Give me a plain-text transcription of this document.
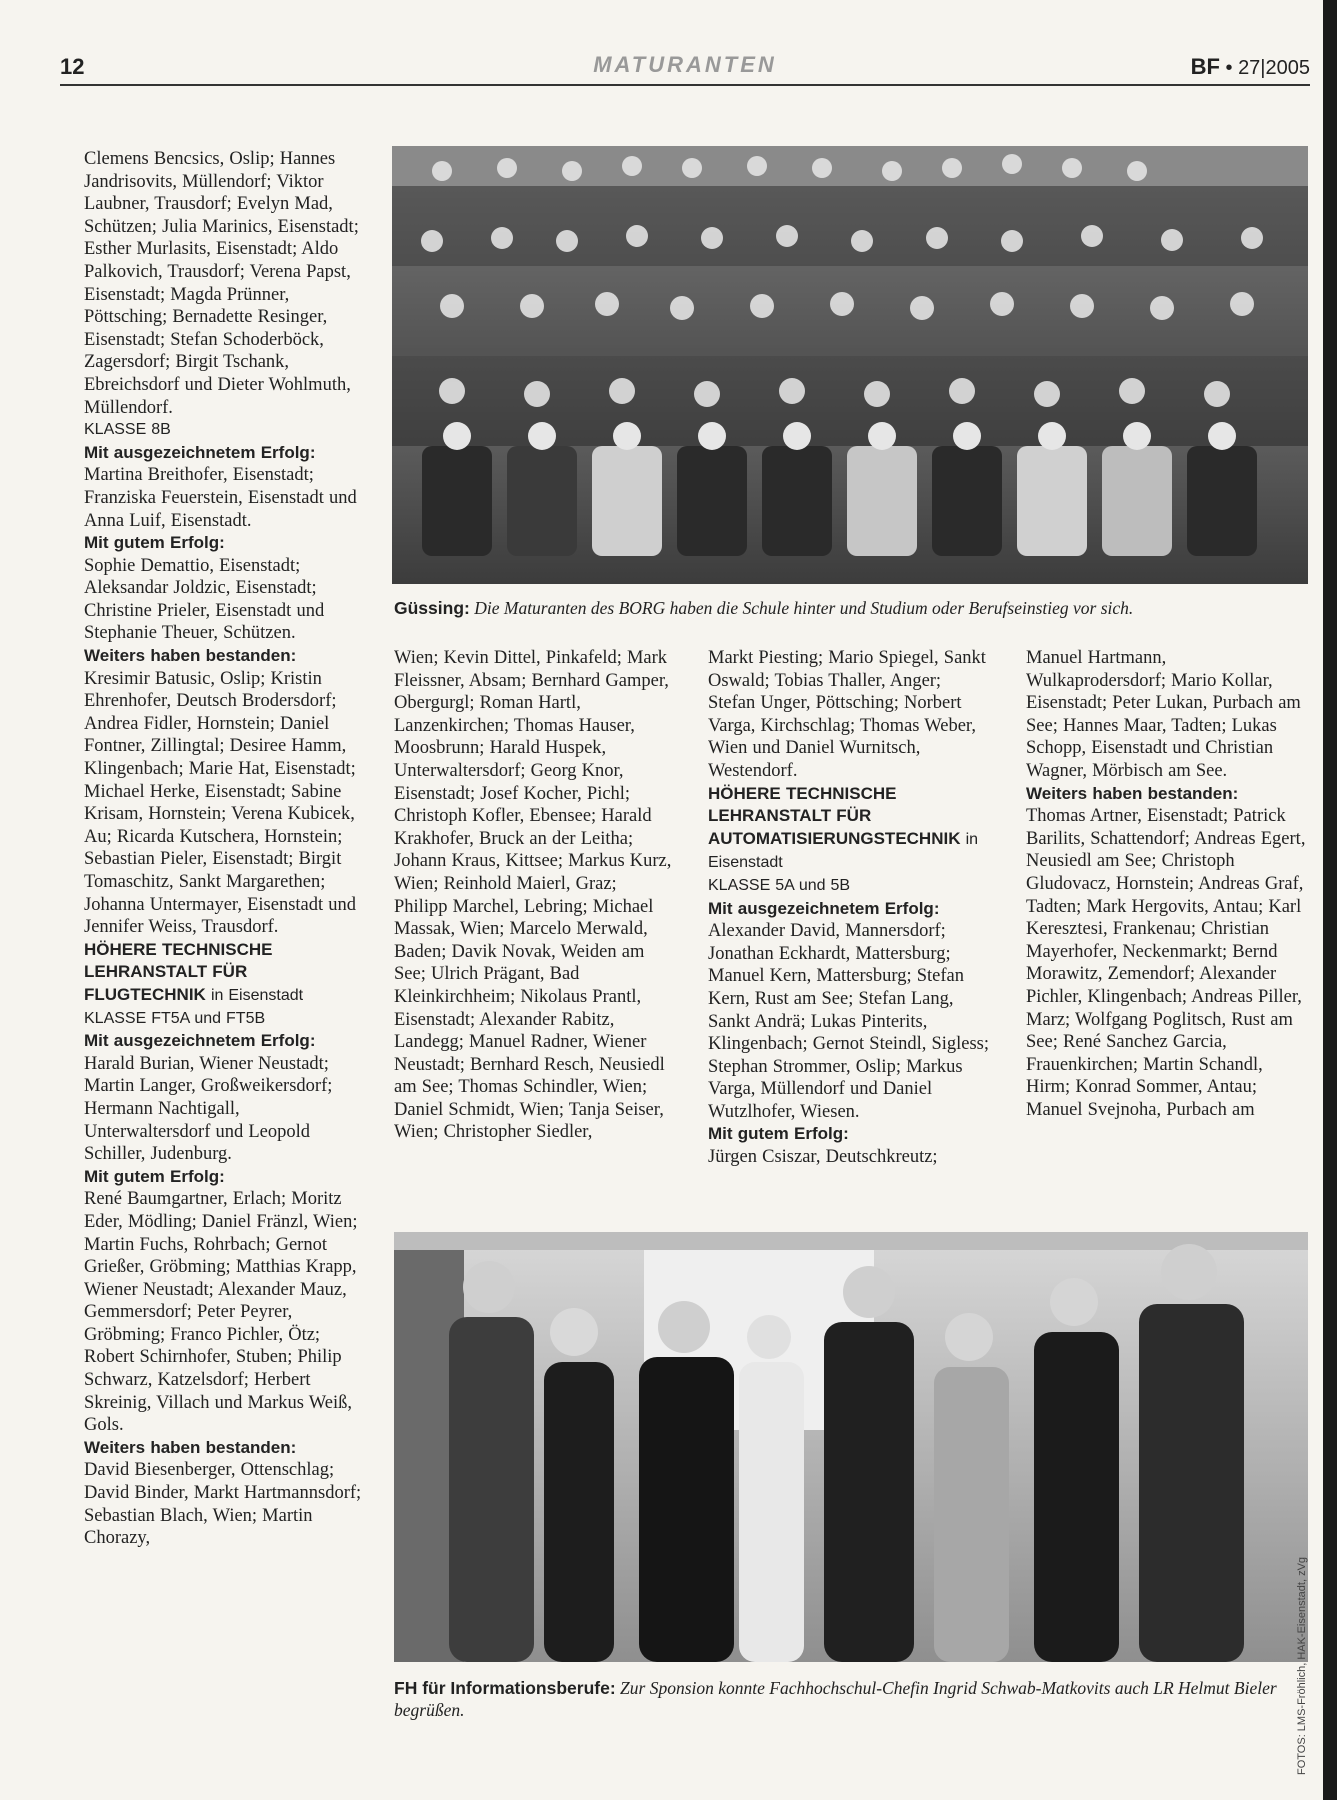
12	MATURANTEN	BF • 27|2005

Clemens Bencsics, Oslip; Hannes Jandrisovits, Müllendorf; Viktor Laubner, Trausdorf; Evelyn Mad, Schützen; Julia Marinics, Eisenstadt; Esther Murlasits, Eisenstadt; Aldo Palkovich, Trausdorf; Verena Papst, Eisenstadt; Magda Prünner, Pöttsching; Bernadette Resinger, Eisenstadt; Stefan Schoderböck, Zagersdorf; Birgit Tschank, Ebreichsdorf und Dieter Wohlmuth, Müllendorf.

KLASSE 8B

Mit ausgezeichnetem Erfolg:

Martina Breithofer, Eisenstadt; Franziska Feuerstein, Eisenstadt und Anna Luif, Eisenstadt.

Mit gutem Erfolg:

Sophie Demattio, Eisenstadt; Aleksandar Joldzic, Eisenstadt; Christine Prieler, Eisenstadt und Stephanie Theuer, Schützen.

Weiters haben bestanden:

Kresimir Batusic, Oslip; Kristin Ehrenhofer, Deutsch Brodersdorf; Andrea Fidler, Hornstein; Daniel Fontner, Zillingtal; Desiree Hamm, Klingenbach; Marie Hat, Eisenstadt; Michael Herke, Eisenstadt; Sabine Krisam, Hornstein; Verena Kubicek, Au; Ricarda Kutschera, Hornstein; Sebastian Pieler, Eisenstadt; Birgit Tomaschitz, Sankt Margarethen; Johanna Untermayer, Eisenstadt und Jennifer Weiss, Trausdorf.

HÖHERE TECHNISCHE LEHRANSTALT FÜR FLUGTECHNIK in Eisenstadt

KLASSE FT5A und FT5B

Mit ausgezeichnetem Erfolg:

Harald Burian, Wiener Neustadt; Martin Langer, Großweikersdorf; Hermann Nachtigall, Unterwaltersdorf und Leopold Schiller, Judenburg.

Mit gutem Erfolg:

René Baumgartner, Erlach; Moritz Eder, Mödling; Daniel Fränzl, Wien; Martin Fuchs, Rohrbach; Gernot Grießer, Gröbming; Matthias Krapp, Wiener Neustadt; Alexander Mauz, Gemmersdorf; Peter Peyrer, Gröbming; Franco Pichler, Ötz; Robert Schirnhofer, Stuben; Philip Schwarz, Katzelsdorf; Herbert Skreinig, Villach und Markus Weiß, Gols.

Weiters haben bestanden:

David Biesenberger, Ottenschlag; David Binder, Markt Hartmannsdorf; Sebastian Blach, Wien; Martin Chorazy,

Güssing: Die Maturanten des BORG haben die Schule hinter und Studium oder Berufseinstieg vor sich.

Wien; Kevin Dittel, Pinkafeld; Mark Fleissner, Absam; Bernhard Gamper, Obergurgl; Roman Hartl, Lanzenkirchen; Thomas Hauser, Moosbrunn; Harald Huspek, Unterwaltersdorf; Georg Knor, Eisenstadt; Josef Kocher, Pichl; Christoph Kofler, Ebensee; Harald Krakhofer, Bruck an der Leitha; Johann Kraus, Kittsee; Markus Kurz, Wien; Reinhold Maierl, Graz; Philipp Marchel, Lebring; Michael Massak, Wien; Marcelo Merwald, Baden; Davik Novak, Weiden am See; Ulrich Prägant, Bad Kleinkirchheim; Nikolaus Prantl, Eisenstadt; Alexander Rabitz, Landegg; Manuel Radner, Wiener Neustadt; Bernhard Resch, Neusiedl am See; Thomas Schindler, Wien; Daniel Schmidt, Wien; Tanja Seiser, Wien; Christopher Siedler,

Markt Piesting; Mario Spiegel, Sankt Oswald; Tobias Thaller, Anger; Stefan Unger, Pöttsching; Norbert Varga, Kirchschlag; Thomas Weber, Wien und Daniel Wurnitsch, Westendorf.

HÖHERE TECHNISCHE LEHRANSTALT FÜR AUTOMATISIERUNGSTECHNIK in Eisenstadt

KLASSE 5A und 5B

Mit ausgezeichnetem Erfolg:

Alexander David, Mannersdorf; Jonathan Eckhardt, Mattersburg; Manuel Kern, Mattersburg; Stefan Kern, Rust am See; Stefan Lang, Sankt Andrä; Lukas Pinterits, Klingenbach; Gernot Steindl, Sigless; Stephan Strommer, Oslip; Markus Varga, Müllendorf und Daniel Wutzlhofer, Wiesen.

Mit gutem Erfolg:

Jürgen Csiszar, Deutschkreutz;

Manuel Hartmann, Wulkaprodersdorf; Mario Kollar, Eisenstadt; Peter Lukan, Purbach am See; Hannes Maar, Tadten; Lukas Schopp, Eisenstadt und Christian Wagner, Mörbisch am See.

Weiters haben bestanden:

Thomas Artner, Eisenstadt; Patrick Barilits, Schattendorf; Andreas Egert, Neusiedl am See; Christoph Gludovacz, Hornstein; Andreas Graf, Tadten; Mark Hergovits, Antau; Karl Keresztesi, Frankenau; Christian Mayerhofer, Neckenmarkt; Bernd Morawitz, Zemendorf; Alexander Pichler, Klingenbach; Andreas Piller, Marz; Wolfgang Poglitsch, Rust am See; René Sanchez Garcia, Frauenkirchen; Martin Schandl, Hirm; Konrad Sommer, Antau; Manuel Svejnoha, Purbach am

FOTOS: LMS-Fröhlich, HAK-Eisenstadt, zVg
FH für Informationsberufe: Zur Sponsion konnte Fachhochschul-Chefin Ingrid Schwab-Matkovits auch LR Helmut Bieler begrüßen.
